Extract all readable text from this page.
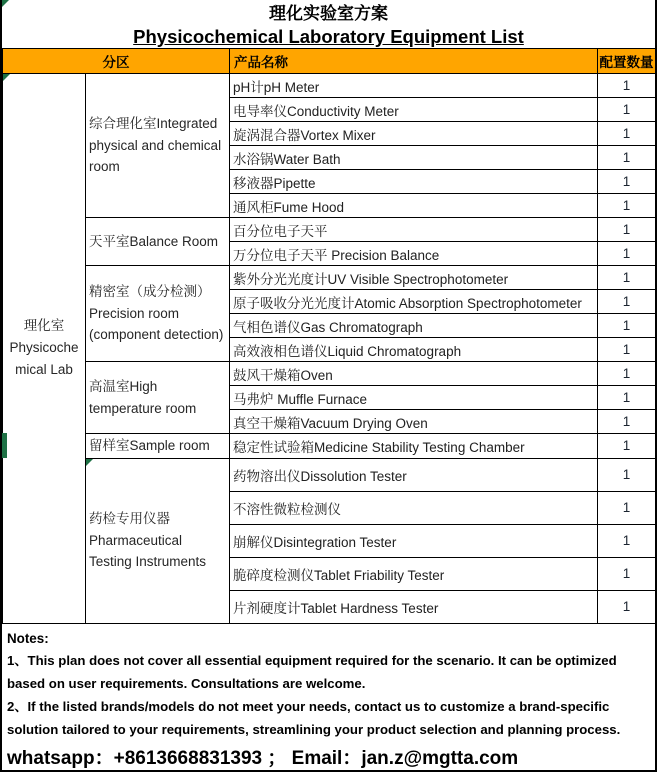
理化实验室方案
Physicochemical Laboratory Equipment List
分区		产品名称	配置数量

理化室 Physicochemical Lab	综合理化室Integrated physical and chemical room	pH计pH Meter	1
		电导率仪Conductivity Meter	1
		旋涡混合器Vortex Mixer	1
		水浴锅Water Bath	1
		移液器Pipette	1
		通风柜Fume Hood	1
	天平室Balance Room	百分位电子天平	1
		万分位电子天平 Precision Balance	1
	精密室（成分检测）Precision room (component detection)	紫外分光光度计UV Visible Spectrophotometer	1
		原子吸收分光光度计Atomic Absorption Spectrophotometer	1
		气相色谱仪Gas Chromatograph	1
		高效液相色谱仪Liquid Chromatograph	1
	高温室High temperature room	鼓风干燥箱Oven	1
		马弗炉 Muffle Furnace	1
		真空干燥箱Vacuum Drying Oven	1
	留样室Sample room	稳定性试验箱Medicine Stability Testing Chamber	1

药检专用仪器 Pharmaceutical Testing Instruments	药物溶出仪Dissolution Tester	1
		不溶性微粒检测仪	1
		崩解仪Disintegration Tester	1
		脆碎度检测仪Tablet Friability Tester	1
		片剂硬度计Tablet Hardness Tester	1
Notes:

1、This plan does not cover all essential equipment required for the scenario. It can be optimized based on user requirements. Consultations are welcome.

2、If the listed brands/models do not meet your needs, contact us to customize a brand-specific solution tailored to your requirements, streamlining your product selection and planning process.

whatsapp：+8613668831393 ； Email：jan.z@mgtta.com
